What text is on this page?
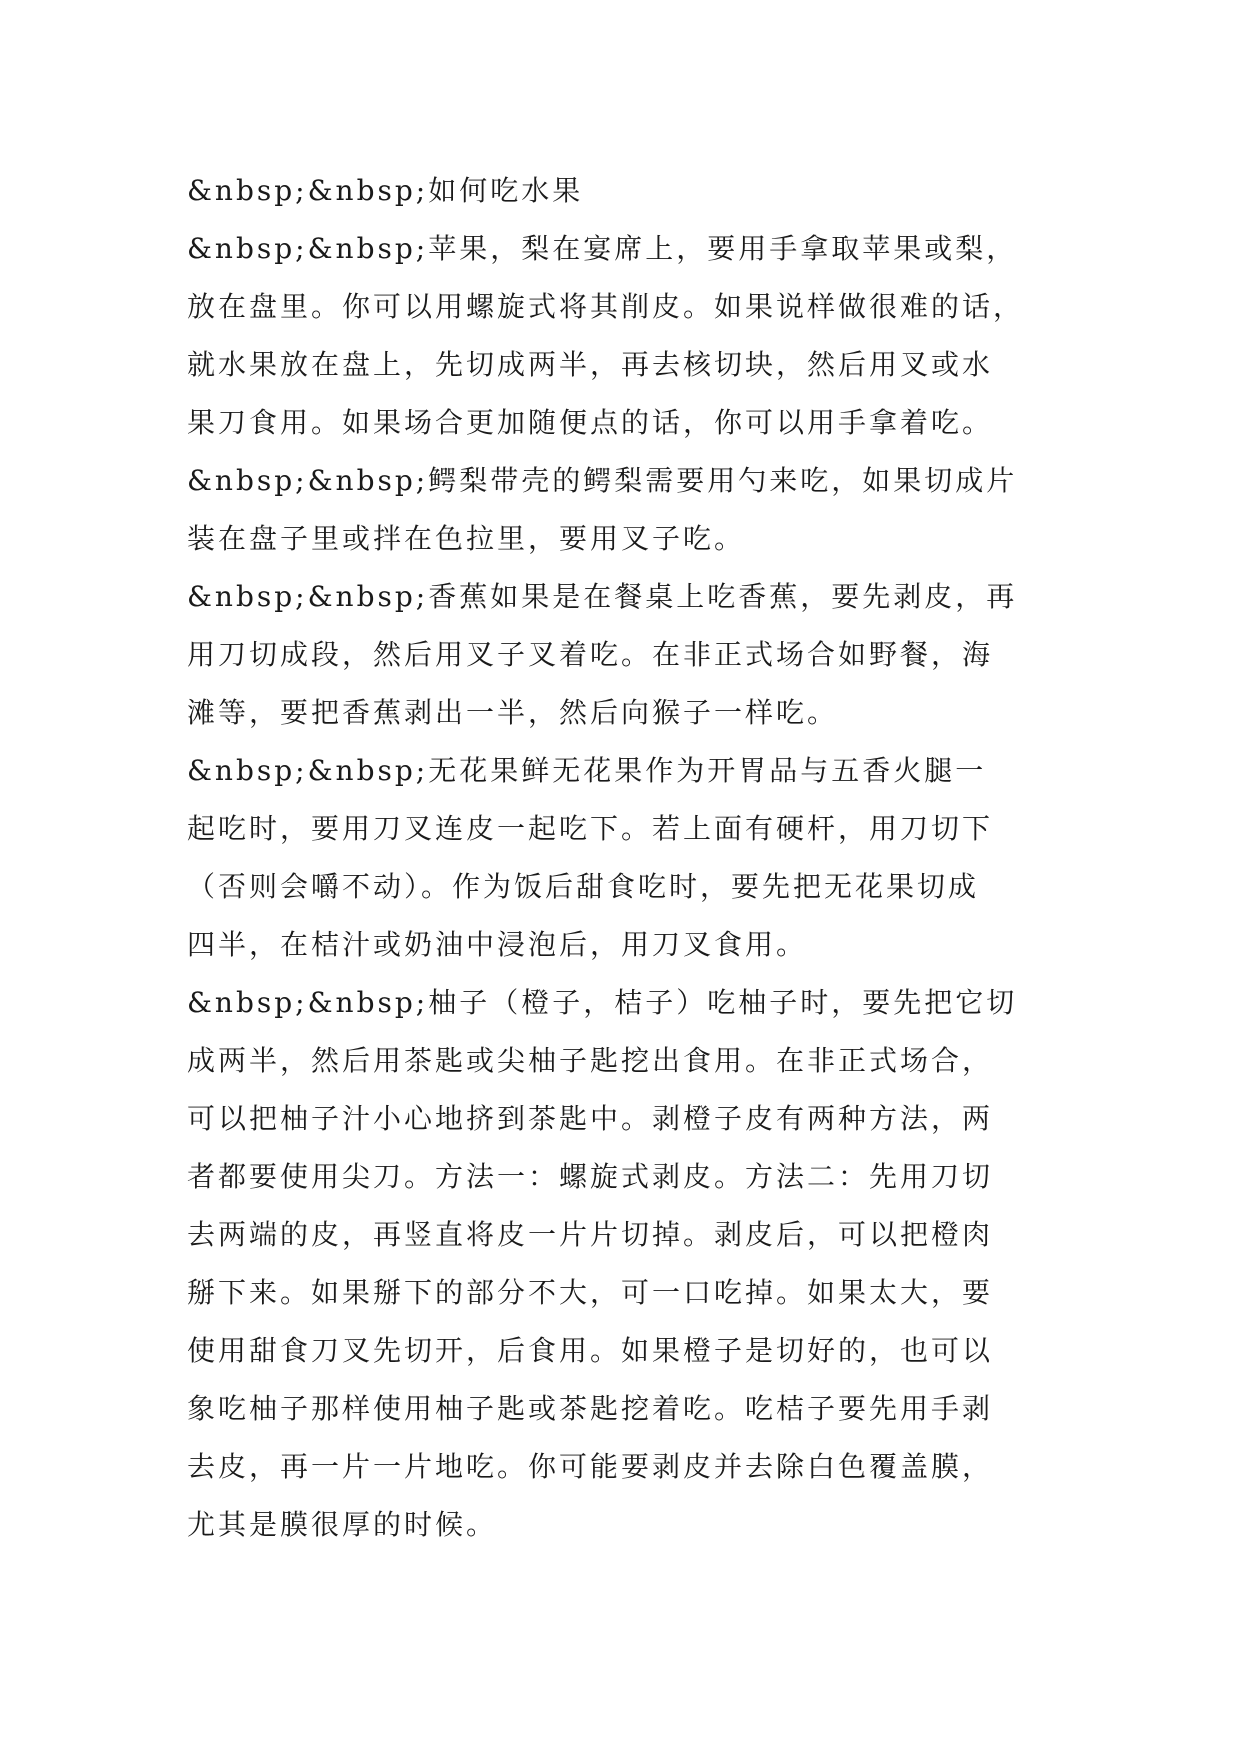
&nbsp;&nbsp;如何吃水果
&nbsp;&nbsp;苹果，梨在宴席上，要用手拿取苹果或梨，
放在盘里。你可以用螺旋式将其削皮。如果说样做很难的话，
就水果放在盘上，先切成两半，再去核切块，然后用叉或水
果刀食用。如果场合更加随便点的话，你可以用手拿着吃。
&nbsp;&nbsp;鳄梨带壳的鳄梨需要用勺来吃，如果切成片
装在盘子里或拌在色拉里，要用叉子吃。
&nbsp;&nbsp;香蕉如果是在餐桌上吃香蕉，要先剥皮，再
用刀切成段，然后用叉子叉着吃。在非正式场合如野餐，海
滩等，要把香蕉剥出一半，然后向猴子一样吃。
&nbsp;&nbsp;无花果鲜无花果作为开胃品与五香火腿一
起吃时，要用刀叉连皮一起吃下。若上面有硬杆，用刀切下
（否则会嚼不动）。作为饭后甜食吃时，要先把无花果切成
四半，在桔汁或奶油中浸泡后，用刀叉食用。
&nbsp;&nbsp;柚子（橙子，桔子）吃柚子时，要先把它切
成两半，然后用茶匙或尖柚子匙挖出食用。在非正式场合，
可以把柚子汁小心地挤到茶匙中。剥橙子皮有两种方法，两
者都要使用尖刀。方法一：螺旋式剥皮。方法二：先用刀切
去两端的皮，再竖直将皮一片片切掉。剥皮后，可以把橙肉
掰下来。如果掰下的部分不大，可一口吃掉。如果太大，要
使用甜食刀叉先切开，后食用。如果橙子是切好的，也可以
象吃柚子那样使用柚子匙或茶匙挖着吃。吃桔子要先用手剥
去皮，再一片一片地吃。你可能要剥皮并去除白色覆盖膜，
尤其是膜很厚的时候。
